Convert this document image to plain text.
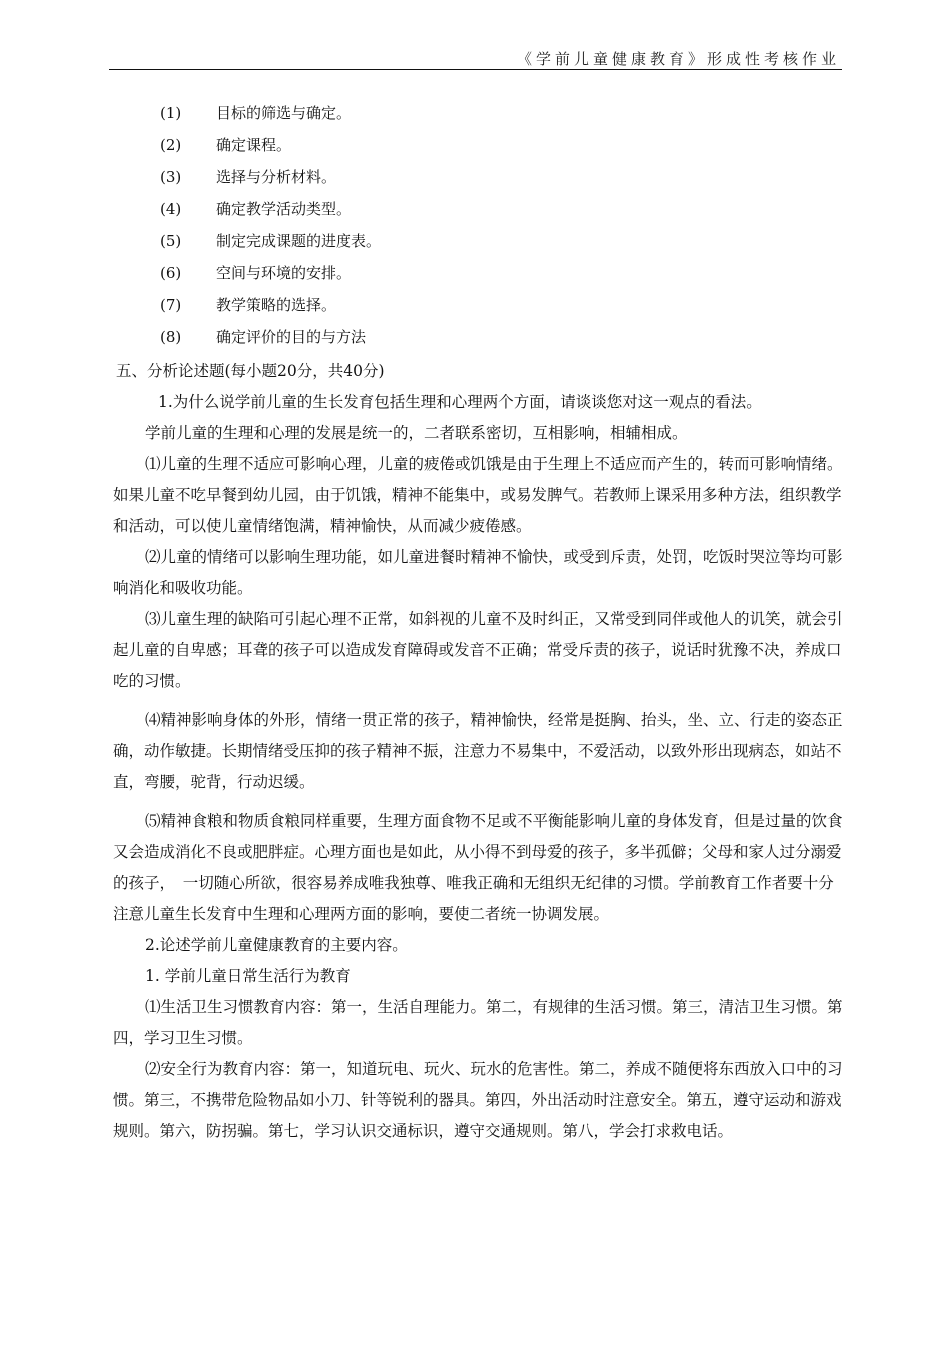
《学前儿童健康教育》形成性考核作业
(1) 目标的筛选与确定。
(2) 确定课程。
(3) 选择与分析材料。
(4) 确定教学活动类型。
(5) 制定完成课题的进度表。
(6) 空间与环境的安排。
(7) 教学策略的选择。
(8) 确定评价的目的与方法

五、分析论述题(每小题20分，共40分)

1.为什么说学前儿童的生长发育包括生理和心理两个方面，请谈谈您对这一观点的看法。

学前儿童的生理和心理的发展是统一的，二者联系密切，互相影响，相辅相成。

⑴儿童的生理不适应可影响心理，儿童的疲倦或饥饿是由于生理上不适应而产生的，转而可影响情绪。如果儿童不吃早餐到幼儿园，由于饥饿，精神不能集中，或易发脾气。若教师上课采用多种方法，组织教学和活动，可以使儿童情绪饱满，精神愉快，从而减少疲倦感。

⑵儿童的情绪可以影响生理功能，如儿童进餐时精神不愉快，或受到斥责，处罚，吃饭时哭泣等均可影响消化和吸收功能。

⑶儿童生理的缺陷可引起心理不正常，如斜视的儿童不及时纠正，又常受到同伴或他人的讥笑，就会引起儿童的自卑感；耳聋的孩子可以造成发育障碍或发音不正确；常受斥责的孩子，说话时犹豫不决，养成口吃的习惯。

⑷精神影响身体的外形，情绪一贯正常的孩子，精神愉快，经常是挺胸、抬头，坐、立、行走的姿态正确，动作敏捷。长期情绪受压抑的孩子精神不振，注意力不易集中，不爱活动，以致外形出现病态，如站不直，弯腰，驼背，行动迟缓。

⑸精神食粮和物质食粮同样重要，生理方面食物不足或不平衡能影响儿童的身体发育，但是过量的饮食又会造成消化不良或肥胖症。心理方面也是如此，从小得不到母爱的孩子，多半孤僻；父母和家人过分溺爱的孩子，　一切随心所欲，很容易养成唯我独尊、唯我正确和无组织无纪律的习惯。学前教育工作者要十分注意儿童生长发育中生理和心理两方面的影响，要使二者统一协调发展。

2.论述学前儿童健康教育的主要内容。

1. 学前儿童日常生活行为教育

⑴生活卫生习惯教育内容：第一，生活自理能力。第二，有规律的生活习惯。第三，清洁卫生习惯。第四，学习卫生习惯。

⑵安全行为教育内容：第一，知道玩电、玩火、玩水的危害性。第二，养成不随便将东西放入口中的习惯。第三，不携带危险物品如小刀、针等锐利的器具。第四，外出活动时注意安全。第五，遵守运动和游戏规则。第六，防拐骗。第七，学习认识交通标识，遵守交通规则。第八，学会打求救电话。
